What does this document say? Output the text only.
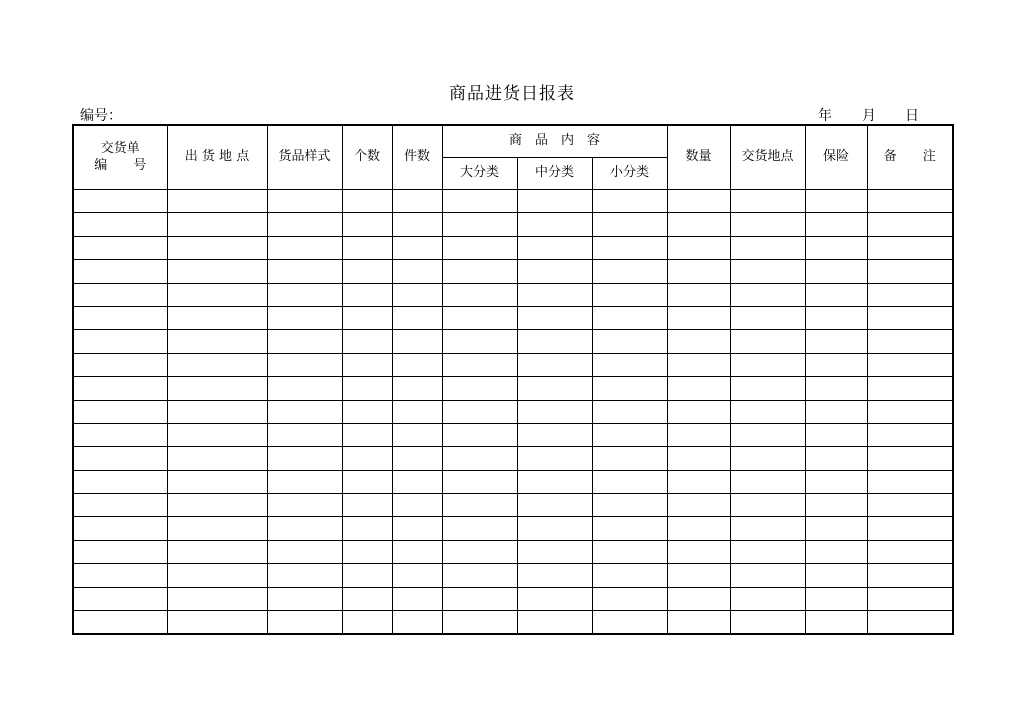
商品进货日报表
编号：	年 月 日
交货单
编　　号	出 货 地 点	货品样式	个数	件数	商　品　内　容			数量	交货地点	保险	备　　注
					大分类	中分类	小分类				
